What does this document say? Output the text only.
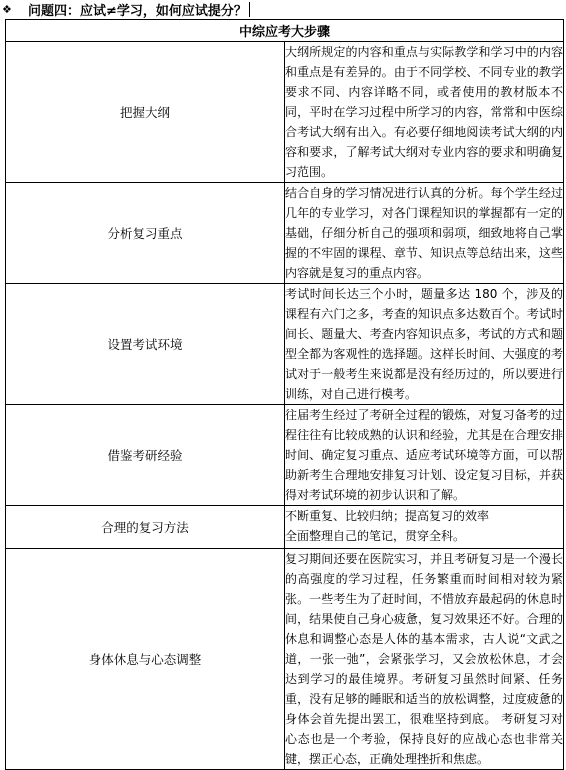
❖	问题四：应试≠学习，如何应试提分？
中综应考大步骤	
把握大纲	大纲所规定的内容和重点与实际教学和学习中的内容和重点是有差异的。由于不同学校、不同专业的教学要求不同、内容详略不同，或者使用的教材版本不同，平时在学习过程中所学习的内容，常常和中医综合考试大纲有出入。有必要仔细地阅读考试大纲的内容和要求，了解考试大纲对专业内容的要求和明确复习范围。
分析复习重点	结合自身的学习情况进行认真的分析。每个学生经过几年的专业学习，对各门课程知识的掌握都有一定的基础，仔细分析自己的强项和弱项，细致地将自己掌握的不牢固的课程、章节、知识点等总结出来，这些内容就是复习的重点内容。
设置考试环境	考试时间长达三个小时，题量多达 180 个，涉及的课程有六门之多，考查的知识点多达数百个。考试时间长、题量大、考查内容知识点多，考试的方式和题型全都为客观性的选择题。这样长时间、大强度的考试对于一般考生来说都是没有经历过的，所以要进行训练，对自己进行模考。
借鉴考研经验	往届考生经过了考研全过程的锻炼，对复习备考的过程往往有比较成熟的认识和经验，尤其是在合理安排时间、确定复习重点、适应考试环境等方面，可以帮助新考生合理地安排复习计划、设定复习目标，并获得对考试环境的初步认识和了解。
合理的复习方法	不断重复、比较归纳；提高复习的效率
全面整理自己的笔记，贯穿全科。

身体休息与心态调整	复习期间还要在医院实习，并且考研复习是一个漫长的高强度的学习过程，任务繁重而时间相对较为紧张。一些考生为了赶时间，不惜放弃最起码的休息时间，结果使自己身心疲惫，复习效果还不好。合理的休息和调整心态是人体的基本需求，古人说“文武之道，一张一弛”，会紧张学习，又会放松休息，才会达到学习的最佳境界。考研复习虽然时间紧、任务重，没有足够的睡眠和适当的放松调整，过度疲惫的身体会首先提出罢工，很难坚持到底。 考研复习对心态也是一个考验，保持良好的应战心态也非常关键，摆正心态，正确处理挫折和焦虑。
